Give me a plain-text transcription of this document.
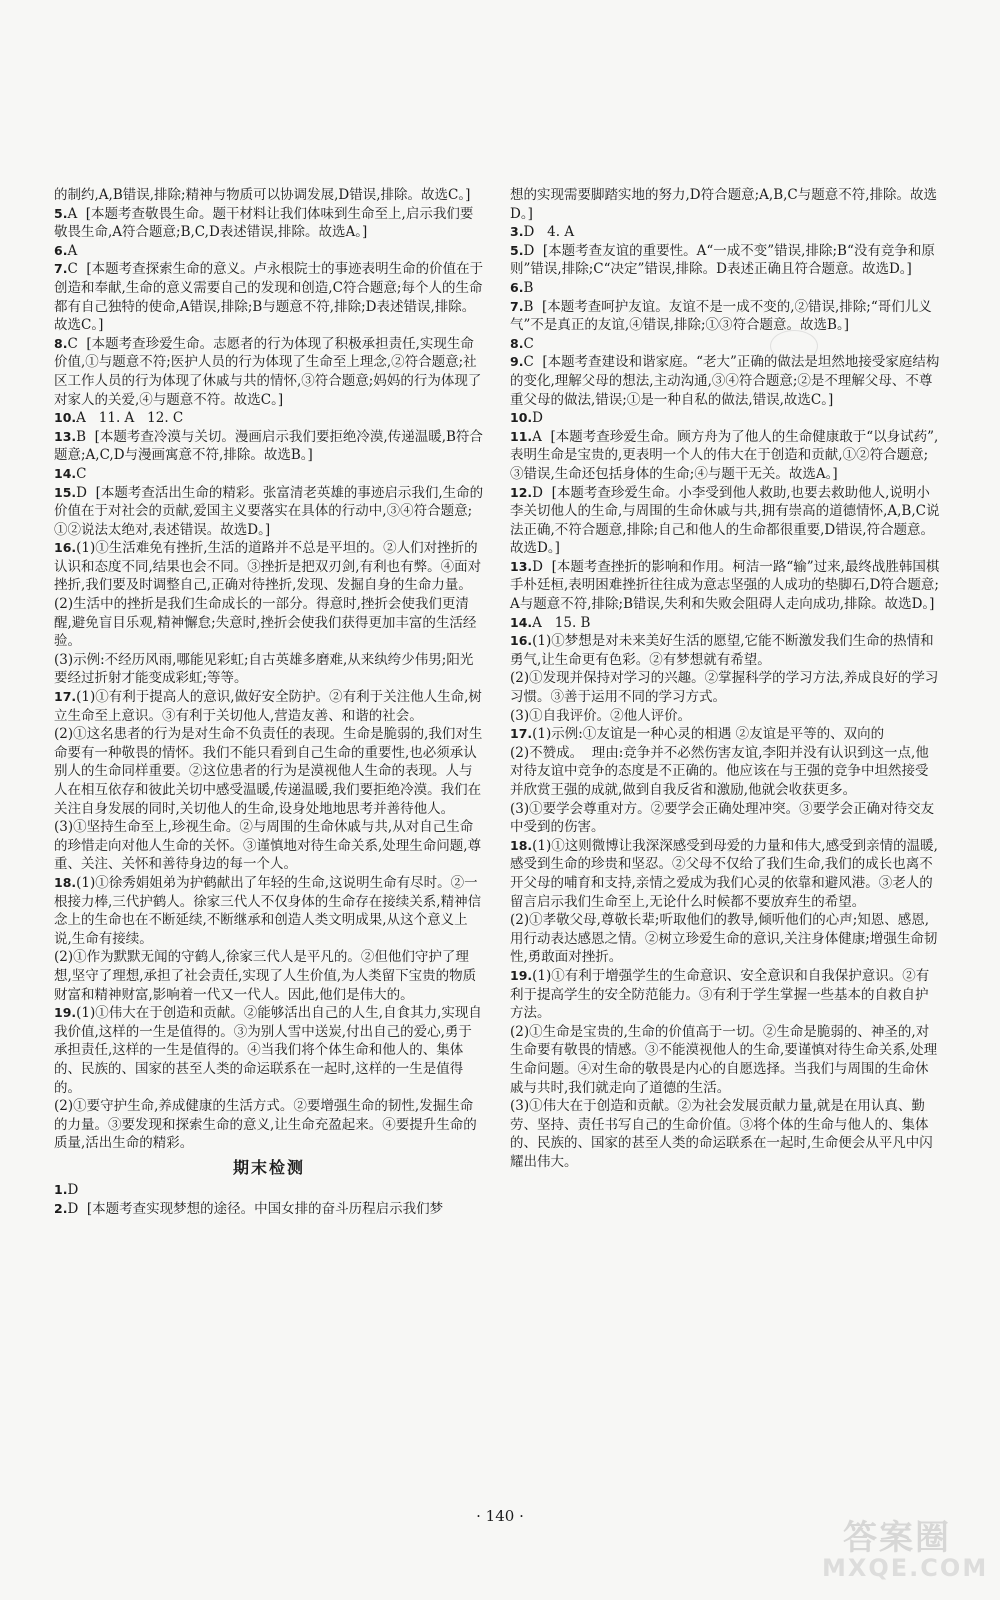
的制约,A,B错误,排除;精神与物质可以协调发展,D错误,排除。故选C。]

5.A  [本题考查敬畏生命。题干材料让我们体味到生命至上,启示我们要敬畏生命,A符合题意;B,C,D表述错误,排除。故选A。]

6.A

7.C  [本题考查探索生命的意义。卢永根院士的事迹表明生命的价值在于创造和奉献,生命的意义需要自己的发现和创造,C符合题意;每个人的生命都有自己独特的使命,A错误,排除;B与题意不符,排除;D表述错误,排除。故选C。]

8.C  [本题考查珍爱生命。志愿者的行为体现了积极承担责任,实现生命价值,①与题意不符;医护人员的行为体现了生命至上理念,②符合题意;社区工作人员的行为体现了休戚与共的情怀,③符合题意;妈妈的行为体现了对家人的关爱,④与题意不符。故选C。]

10.A   11. A   12. C

13.B  [本题考查冷漠与关切。漫画启示我们要拒绝冷漠,传递温暖,B符合题意;A,C,D与漫画寓意不符,排除。故选B。]

14.C

15.D  [本题考查活出生命的精彩。张富清老英雄的事迹启示我们,生命的价值在于对社会的贡献,爱国主义要落实在具体的行动中,③④符合题意;①②说法太绝对,表述错误。故选D。]

16.(1)①生活难免有挫折,生活的道路并不总是平坦的。②人们对挫折的认识和态度不同,结果也会不同。③挫折是把双刃剑,有利也有弊。④面对挫折,我们要及时调整自己,正确对待挫折,发现、发掘自身的生命力量。
(2)生活中的挫折是我们生命成长的一部分。得意时,挫折会使我们更清醒,避免盲目乐观,精神懈怠;失意时,挫折会使我们获得更加丰富的生活经验。
(3)示例:不经历风雨,哪能见彩虹;自古英雄多磨难,从来纨绔少伟男;阳光要经过折射才能变成彩虹;等等。

17.(1)①有利于提高人的意识,做好安全防护。②有利于关注他人生命,树立生命至上意识。③有利于关切他人,营造友善、和谐的社会。
(2)①这名患者的行为是对生命不负责任的表现。生命是脆弱的,我们对生命要有一种敬畏的情怀。我们不能只看到自己生命的重要性,也必须承认别人的生命同样重要。②这位患者的行为是漠视他人生命的表现。人与人在相互依存和彼此关切中感受温暖,传递温暖,我们要拒绝冷漠。我们在关注自身发展的同时,关切他人的生命,设身处地地思考并善待他人。
(3)①坚持生命至上,珍视生命。②与周围的生命休戚与共,从对自己生命的珍惜走向对他人生命的关怀。③谨慎地对待生命关系,处理生命问题,尊重、关注、关怀和善待身边的每一个人。

18.(1)①徐秀娟姐弟为护鹤献出了年轻的生命,这说明生命有尽时。②一根接力棒,三代护鹤人。徐家三代人不仅身体的生命存在接续关系,精神信念上的生命也在不断延续,不断继承和创造人类文明成果,从这个意义上说,生命有接续。
(2)①作为默默无闻的守鹤人,徐家三代人是平凡的。②但他们守护了理想,坚守了理想,承担了社会责任,实现了人生价值,为人类留下宝贵的物质财富和精神财富,影响着一代又一代人。因此,他们是伟大的。

19.(1)①伟大在于创造和贡献。②能够活出自己的人生,自食其力,实现自我价值,这样的一生是值得的。③为别人雪中送炭,付出自己的爱心,勇于承担责任,这样的一生是值得的。④当我们将个体生命和他人的、集体的、民族的、国家的甚至人类的命运联系在一起时,这样的一生是值得的。
(2)①要守护生命,养成健康的生活方式。②要增强生命的韧性,发掘生命的力量。③要发现和探索生命的意义,让生命充盈起来。④要提升生命的质量,活出生命的精彩。

期末检测

1.D

2.D  [本题考查实现梦想的途径。中国女排的奋斗历程启示我们梦

想的实现需要脚踏实地的努力,D符合题意;A,B,C与题意不符,排除。故选D。]

3.D   4. A

5.D  [本题考查友谊的重要性。A“一成不变”错误,排除;B“没有竞争和原则”错误,排除;C“决定”错误,排除。D表述正确且符合题意。故选D。]

6.B

7.B  [本题考查呵护友谊。友谊不是一成不变的,②错误,排除;“哥们儿义气”不是真正的友谊,④错误,排除;①③符合题意。故选B。]

8.C

9.C  [本题考查建设和谐家庭。“老大”正确的做法是坦然地接受家庭结构的变化,理解父母的想法,主动沟通,③④符合题意;②是不理解父母、不尊重父母的做法,错误;①是一种自私的做法,错误,故选C。]

10.D

11.A  [本题考查珍爱生命。顾方舟为了他人的生命健康敢于“以身试药”,表明生命是宝贵的,更表明一个人的伟大在于创造和贡献,①②符合题意;③错误,生命还包括身体的生命;④与题干无关。故选A。]

12.D  [本题考查珍爱生命。小李受到他人救助,也要去救助他人,说明小李关切他人的生命,与周围的生命休戚与共,拥有崇高的道德情怀,A,B,C说法正确,不符合题意,排除;自己和他人的生命都很重要,D错误,符合题意。故选D。]

13.D  [本题考查挫折的影响和作用。柯洁一路“输”过来,最终战胜韩国棋手朴廷桓,表明困难挫折往往成为意志坚强的人成功的垫脚石,D符合题意;A与题意不符,排除;B错误,失利和失败会阻碍人走向成功,排除。故选D。]

14.A   15. B

16.(1)①梦想是对未来美好生活的愿望,它能不断激发我们生命的热情和勇气,让生命更有色彩。②有梦想就有希望。
(2)①发现并保持对学习的兴趣。②掌握科学的学习方法,养成良好的学习习惯。③善于运用不同的学习方式。
(3)①自我评价。②他人评价。

17.(1)示例:①友谊是一种心灵的相遇 ②友谊是平等的、双向的
(2)不赞成。  理由:竞争并不必然伤害友谊,李阳并没有认识到这一点,他对待友谊中竞争的态度是不正确的。他应该在与王强的竞争中坦然接受并欣赏王强的成就,做到自我反省和激励,他就会收获更多。
(3)①要学会尊重对方。②要学会正确处理冲突。③要学会正确对待交友中受到的伤害。

18.(1)①这则微博让我深深感受到母爱的力量和伟大,感受到亲情的温暖,感受到生命的珍贵和坚忍。②父母不仅给了我们生命,我们的成长也离不开父母的哺育和支持,亲情之爱成为我们心灵的依靠和避风港。③老人的留言启示我们生命至上,无论什么时候都不要放弃生的希望。
(2)①孝敬父母,尊敬长辈;听取他们的教导,倾听他们的心声;知恩、感恩,用行动表达感恩之情。②树立珍爱生命的意识,关注身体健康;增强生命韧性,勇敢面对挫折。

19.(1)①有利于增强学生的生命意识、安全意识和自我保护意识。②有利于提高学生的安全防范能力。③有利于学生掌握一些基本的自救自护方法。
(2)①生命是宝贵的,生命的价值高于一切。②生命是脆弱的、神圣的,对生命要有敬畏的情感。③不能漠视他人的生命,要谨慎对待生命关系,处理生命问题。④对生命的敬畏是内心的自愿选择。当我们与周围的生命休戚与共时,我们就走向了道德的生活。
(3)①伟大在于创造和贡献。②为社会发展贡献力量,就是在用认真、勤劳、坚持、责任书写自己的生命价值。③将个体的生命与他人的、集体的、民族的、国家的甚至人类的命运联系在一起时,生命便会从平凡中闪耀出伟大。

· 140 ·
答案圈
MXQE.COM
